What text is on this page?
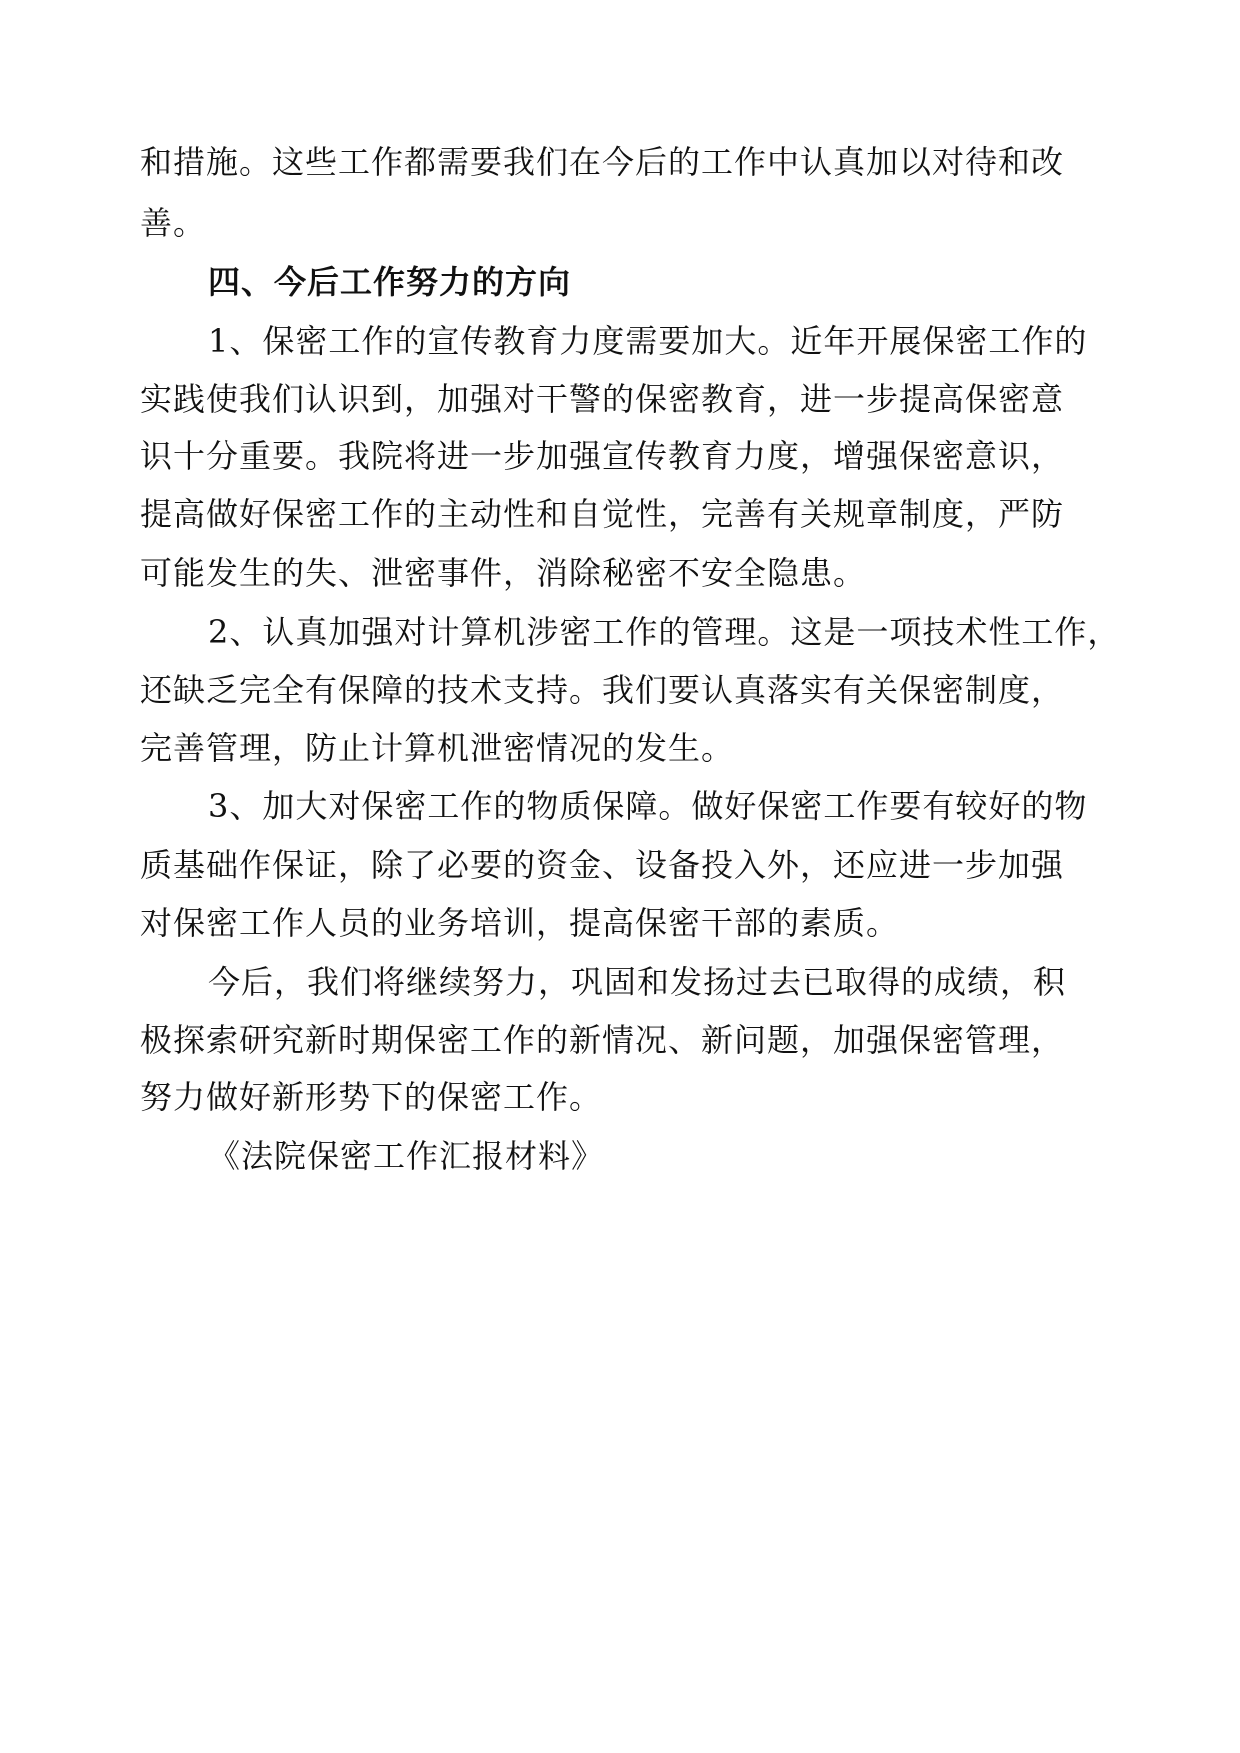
和措施。这些工作都需要我们在今后的工作中认真加以对待和改
善。
四、今后工作努力的方向
1、保密工作的宣传教育力度需要加大。近年开展保密工作的
实践使我们认识到，加强对干警的保密教育，进一步提高保密意
识十分重要。我院将进一步加强宣传教育力度，增强保密意识，
提高做好保密工作的主动性和自觉性，完善有关规章制度，严防
可能发生的失、泄密事件，消除秘密不安全隐患。
2、认真加强对计算机涉密工作的管理。这是一项技术性工作，
还缺乏完全有保障的技术支持。我们要认真落实有关保密制度，
完善管理，防止计算机泄密情况的发生。
3、加大对保密工作的物质保障。做好保密工作要有较好的物
质基础作保证，除了必要的资金、设备投入外，还应进一步加强
对保密工作人员的业务培训，提高保密干部的素质。
今后，我们将继续努力，巩固和发扬过去已取得的成绩，积
极探索研究新时期保密工作的新情况、新问题，加强保密管理，
努力做好新形势下的保密工作。
《法院保密工作汇报材料》
